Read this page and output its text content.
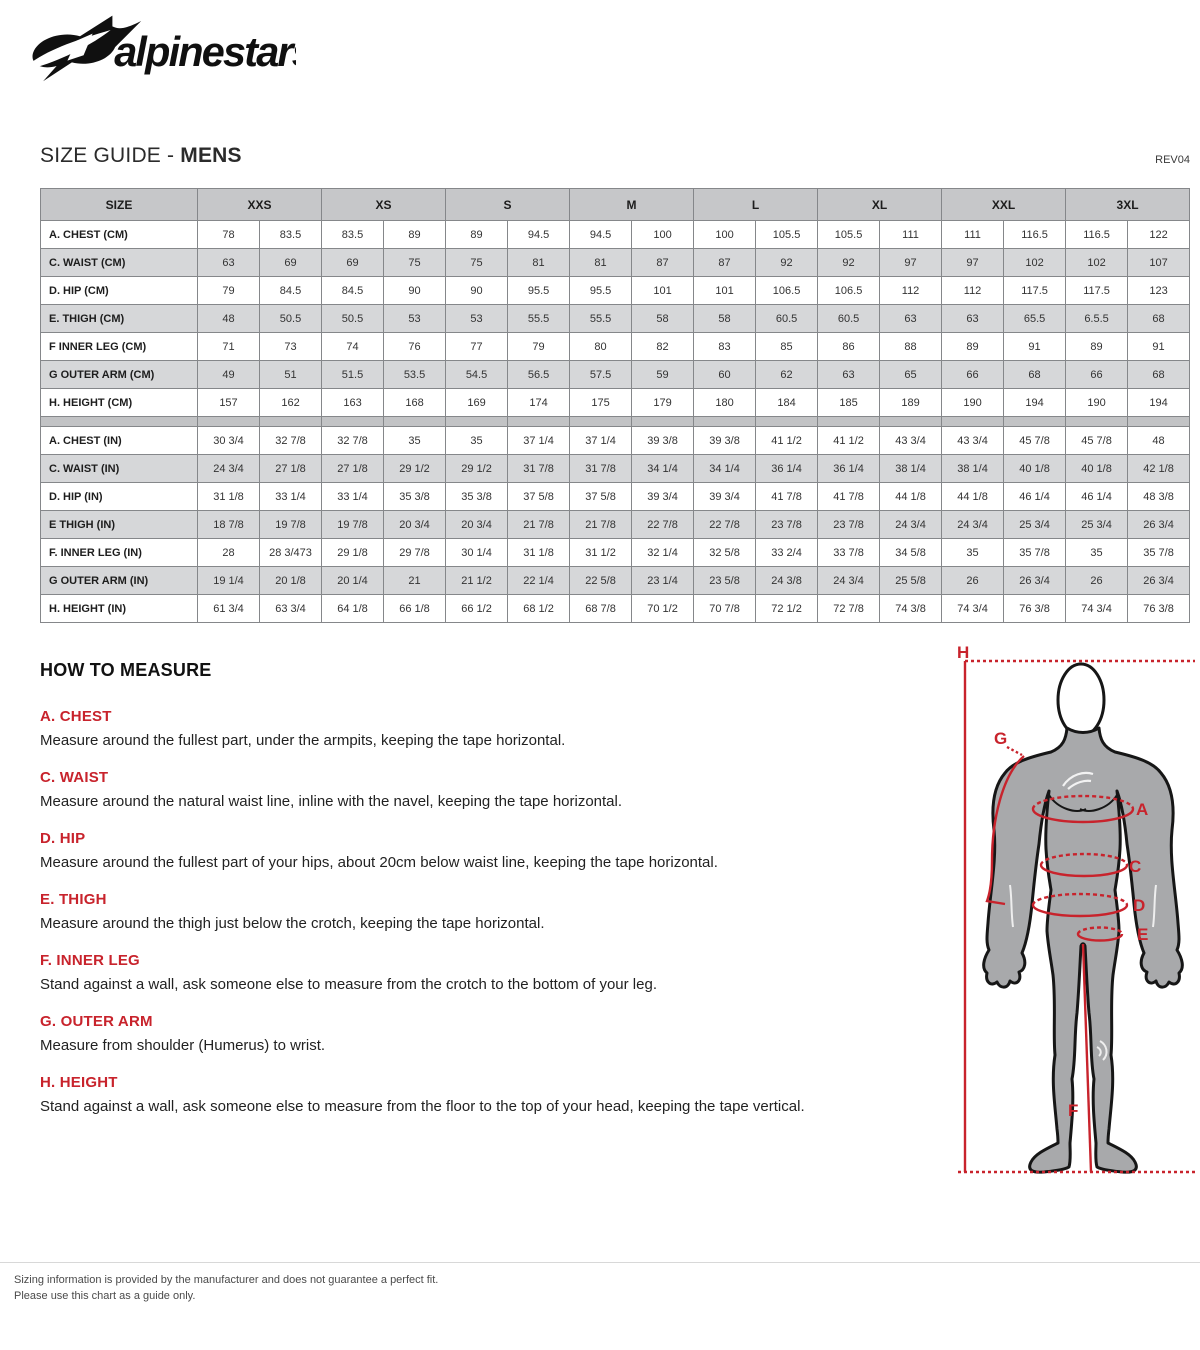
alpinestars
SIZE GUIDE - MENS	REV04
SIZE	XXS		XS		S		M		L		XL		XXL		3XL	
A. CHEST (CM)	78	83.5	83.5	89	89	94.5	94.5	100	100	105.5	105.5	111	111	116.5	116.5	122
C. WAIST (CM)	63	69	69	75	75	81	81	87	87	92	92	97	97	102	102	107
D. HIP (CM)	79	84.5	84.5	90	90	95.5	95.5	101	101	106.5	106.5	112	112	117.5	117.5	123
E. THIGH (CM)	48	50.5	50.5	53	53	55.5	55.5	58	58	60.5	60.5	63	63	65.5	6.5.5	68
F INNER LEG (CM)	71	73	74	76	77	79	80	82	83	85	86	88	89	91	89	91
G OUTER ARM (CM)	49	51	51.5	53.5	54.5	56.5	57.5	59	60	62	63	65	66	68	66	68
H. HEIGHT (CM)	157	162	163	168	169	174	175	179	180	184	185	189	190	194	190	194

A. CHEST (IN)	30 3/4	32 7/8	32 7/8	35	35	37 1/4	37 1/4	39 3/8	39 3/8	41 1/2	41 1/2	43 3/4	43 3/4	45 7/8	45 7/8	48
C. WAIST (IN)	24 3/4	27 1/8	27 1/8	29 1/2	29 1/2	31 7/8	31 7/8	34 1/4	34 1/4	36 1/4	36 1/4	38 1/4	38 1/4	40 1/8	40 1/8	42 1/8
D. HIP (IN)	31 1/8	33 1/4	33 1/4	35 3/8	35 3/8	37 5/8	37 5/8	39 3/4	39 3/4	41 7/8	41 7/8	44 1/8	44 1/8	46 1/4	46 1/4	48 3/8
E THIGH (IN)	18 7/8	19 7/8	19 7/8	20 3/4	20 3/4	21 7/8	21 7/8	22 7/8	22 7/8	23 7/8	23 7/8	24 3/4	24 3/4	25 3/4	25 3/4	26 3/4
F. INNER LEG (IN)	28	28 3/473	29 1/8	29 7/8	30 1/4	31 1/8	31 1/2	32 1/4	32 5/8	33 2/4	33 7/8	34 5/8	35	35 7/8	35	35 7/8
G OUTER ARM (IN)	19 1/4	20 1/8	20 1/4	21	21 1/2	22 1/4	22 5/8	23 1/4	23 5/8	24 3/8	24 3/4	25 5/8	26	26 3/4	26	26 3/4
H. HEIGHT (IN)	61 3/4	63 3/4	64 1/8	66 1/8	66 1/2	68 1/2	68 7/8	70 1/2	70 7/8	72 1/2	72 7/8	74 3/8	74 3/4	76 3/8	74 3/4	76 3/8
HOW TO MEASURE
A. CHEST
Measure around the fullest part, under the armpits, keeping the tape horizontal.
C. WAIST
Measure around the natural waist line, inline with the navel, keeping the tape horizontal.
D. HIP
Measure around the fullest part of your hips, about 20cm below waist line, keeping the tape horizontal.
E. THIGH
Measure around the thigh just below the crotch, keeping the tape horizontal.
F. INNER LEG
Stand against a wall, ask someone else to measure from the crotch to the bottom of your leg.
G. OUTER ARM
Measure from shoulder (Humerus) to wrist.
H. HEIGHT
Stand against a wall, ask someone else to measure from the floor to the top of your head, keeping the tape vertical.
H
G
A
C
D
E
F
Sizing information is provided by the manufacturer and does not guarantee a perfect fit.
Please use this chart as a guide only.
